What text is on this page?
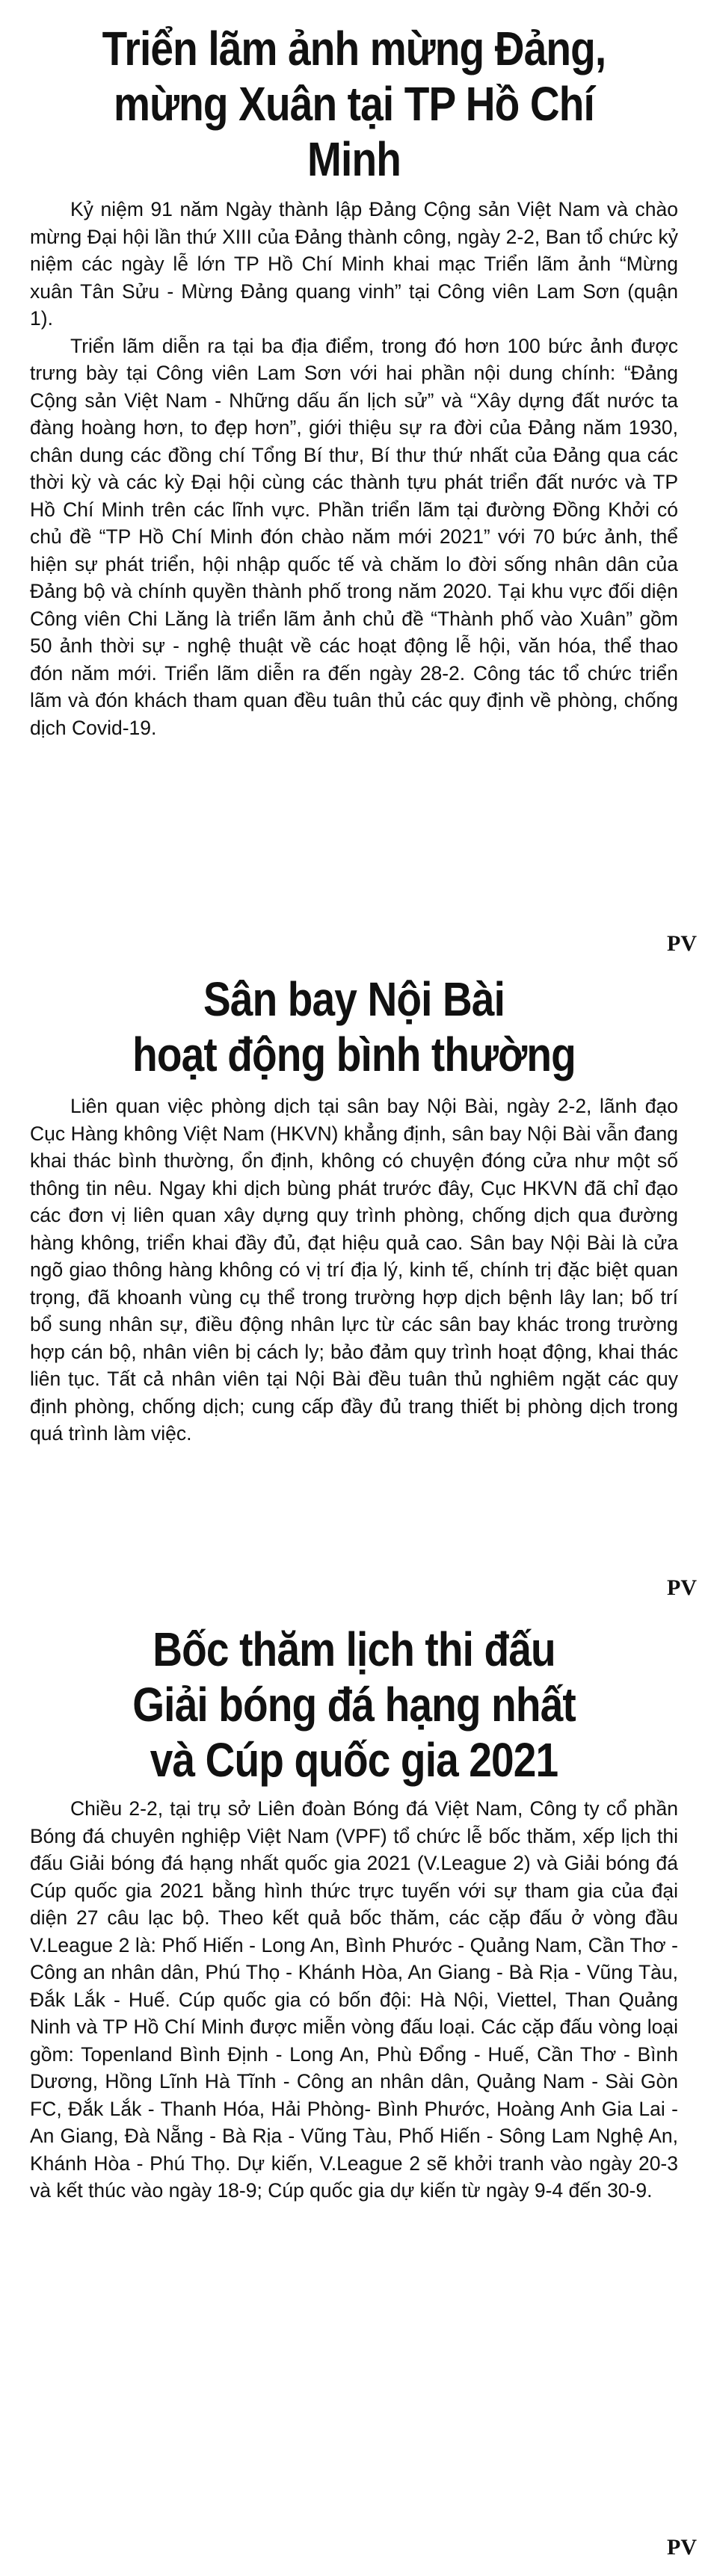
Triển lãm ảnh mừng Đảng,
mừng Xuân tại TP Hồ Chí Minh

Kỷ niệm 91 năm Ngày thành lập Đảng Cộng sản Việt Nam và chào mừng Đại hội lần thứ XIII của Đảng thành công, ngày 2-2, Ban tổ chức kỷ niệm các ngày lễ lớn TP Hồ Chí Minh khai mạc Triển lãm ảnh “Mừng xuân Tân Sửu - Mừng Đảng quang vinh” tại Công viên Lam Sơn (quận 1).

Triển lãm diễn ra tại ba địa điểm, trong đó hơn 100 bức ảnh được trưng bày tại Công viên Lam Sơn với hai phần nội dung chính: “Đảng Cộng sản Việt Nam - Những dấu ấn lịch sử” và “Xây dựng đất nước ta đàng hoàng hơn, to đẹp hơn”, giới thiệu sự ra đời của Đảng năm 1930, chân dung các đồng chí Tổng Bí thư, Bí thư thứ nhất của Đảng qua các thời kỳ và các kỳ Đại hội cùng các thành tựu phát triển đất nước và TP Hồ Chí Minh trên các lĩnh vực. Phần triển lãm tại đường Đồng Khởi có chủ đề “TP Hồ Chí Minh đón chào năm mới 2021” với 70 bức ảnh, thể hiện sự phát triển, hội nhập quốc tế và chăm lo đời sống nhân dân của Đảng bộ và chính quyền thành phố trong năm 2020. Tại khu vực đối diện Công viên Chi Lăng là triển lãm ảnh chủ đề “Thành phố vào Xuân” gồm 50 ảnh thời sự - nghệ thuật về các hoạt động lễ hội, văn hóa, thể thao đón năm mới. Triển lãm diễn ra đến ngày 28-2. Công tác tổ chức triển lãm và đón khách tham quan đều tuân thủ các quy định về phòng, chống dịch Covid-19.

PV
Sân bay Nội Bài
hoạt động bình thường

Liên quan việc phòng dịch tại sân bay Nội Bài, ngày 2-2, lãnh đạo Cục Hàng không Việt Nam (HKVN) khẳng định, sân bay Nội Bài vẫn đang khai thác bình thường, ổn định, không có chuyện đóng cửa như một số thông tin nêu. Ngay khi dịch bùng phát trước đây, Cục HKVN đã chỉ đạo các đơn vị liên quan xây dựng quy trình phòng, chống dịch qua đường hàng không, triển khai đầy đủ, đạt hiệu quả cao. Sân bay Nội Bài là cửa ngõ giao thông hàng không có vị trí địa lý, kinh tế, chính trị đặc biệt quan trọng, đã khoanh vùng cụ thể trong trường hợp dịch bệnh lây lan; bố trí bổ sung nhân sự, điều động nhân lực từ các sân bay khác trong trường hợp cán bộ, nhân viên bị cách ly; bảo đảm quy trình hoạt động, khai thác liên tục. Tất cả nhân viên tại Nội Bài đều tuân thủ nghiêm ngặt các quy định phòng, chống dịch; cung cấp đầy đủ trang thiết bị phòng dịch trong quá trình làm việc.

PV
Bốc thăm lịch thi đấu
Giải bóng đá hạng nhất
và Cúp quốc gia 2021

Chiều 2-2, tại trụ sở Liên đoàn Bóng đá Việt Nam, Công ty cổ phần Bóng đá chuyên nghiệp Việt Nam (VPF) tổ chức lễ bốc thăm, xếp lịch thi đấu Giải bóng đá hạng nhất quốc gia 2021 (V.League 2) và Giải bóng đá Cúp quốc gia 2021 bằng hình thức trực tuyến với sự tham gia của đại diện 27 câu lạc bộ. Theo kết quả bốc thăm, các cặp đấu ở vòng đầu V.League 2 là: Phố Hiến - Long An, Bình Phước - Quảng Nam, Cần Thơ - Công an nhân dân, Phú Thọ - Khánh Hòa, An Giang - Bà Rịa - Vũng Tàu, Đắk Lắk - Huế. Cúp quốc gia có bốn đội: Hà Nội, Viettel, Than Quảng Ninh và TP Hồ Chí Minh được miễn vòng đấu loại. Các cặp đấu vòng loại gồm: Topenland Bình Định - Long An, Phù Đổng - Huế, Cần Thơ - Bình Dương, Hồng Lĩnh Hà Tĩnh - Công an nhân dân, Quảng Nam - Sài Gòn FC, Đắk Lắk - Thanh Hóa, Hải Phòng- Bình Phước, Hoàng Anh Gia Lai - An Giang, Đà Nẵng - Bà Rịa - Vũng Tàu, Phố Hiến - Sông Lam Nghệ An, Khánh Hòa - Phú Thọ. Dự kiến, V.League 2 sẽ khởi tranh vào ngày 20-3 và kết thúc vào ngày 18-9; Cúp quốc gia dự kiến từ ngày 9-4 đến 30-9.

PV
